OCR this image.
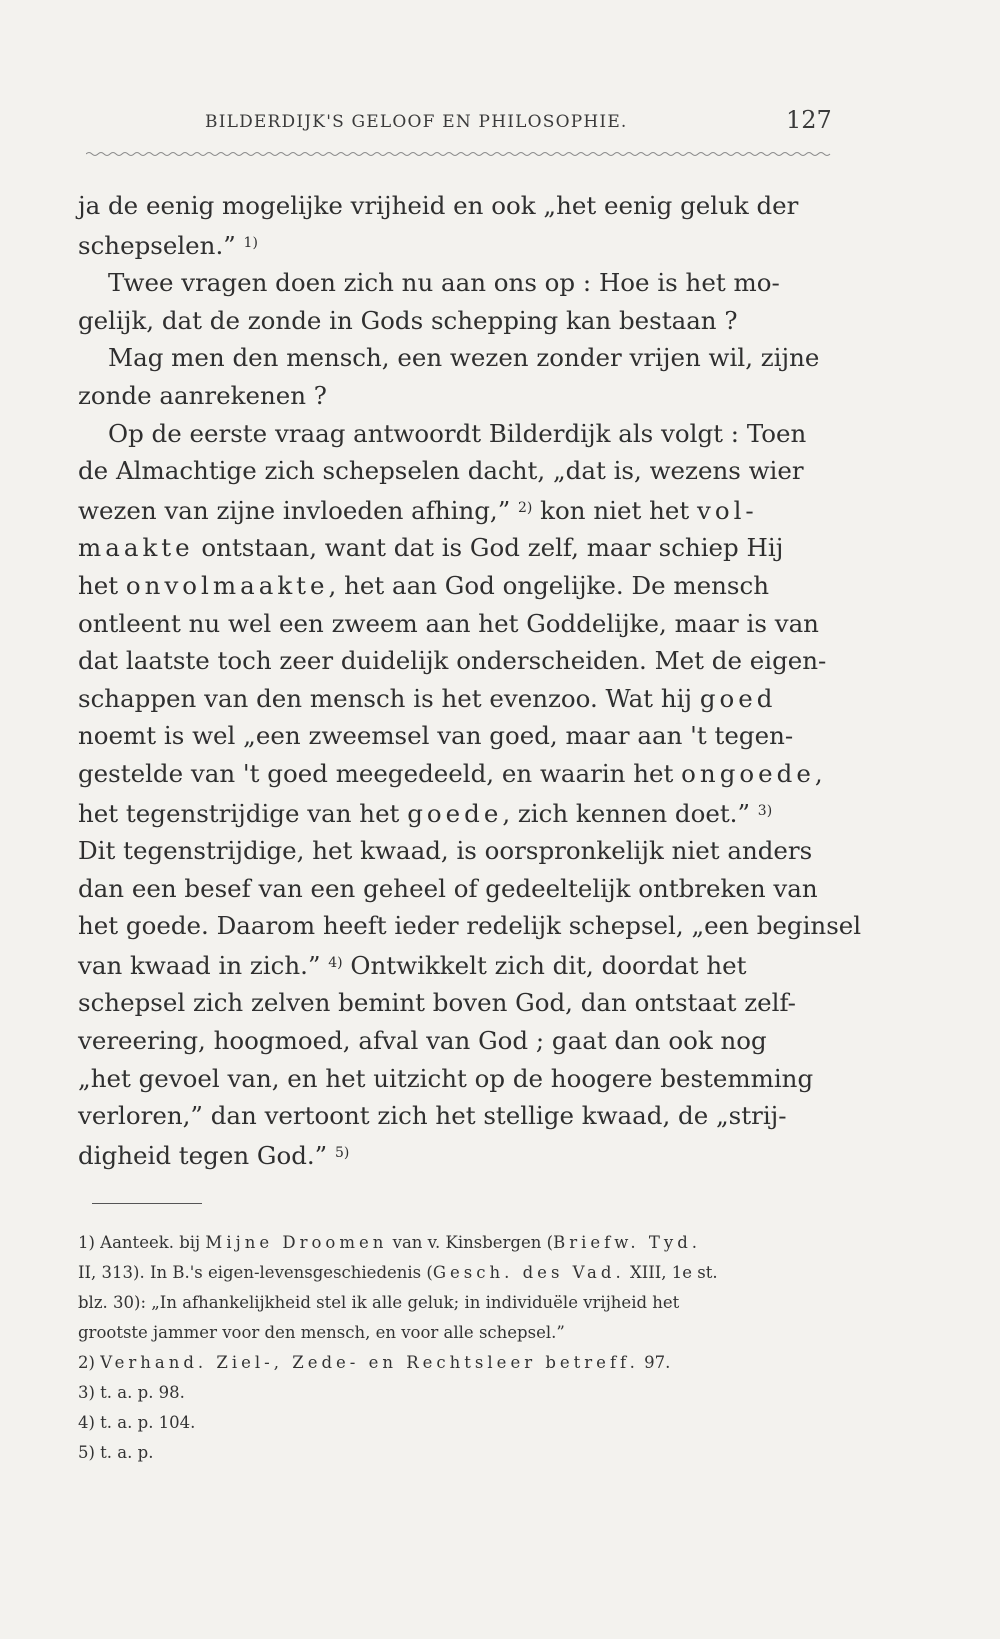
BILDERDIJK'S GELOOF EN PHILOSOPHIE.	127
ja de eenig mogelijke vrijheid en ook „het eenig geluk der
schepselen.” $^{1)}$
Twee vragen doen zich nu aan ons op : Hoe is het mo-
gelijk, dat de zonde in Gods schepping kan bestaan ?
Mag men den mensch, een wezen zonder vrijen wil, zijne
zonde aanrekenen ?
Op de eerste vraag antwoordt Bilderdijk als volgt : Toen
de Almachtige zich schepselen dacht, „dat is, wezens wier
wezen van zijne invloeden afhing,” $^{2)}$ kon niet het vol-
maakte ontstaan, want dat is God zelf, maar schiep Hij
het onvolmaakte, het aan God ongelijke. De mensch
ontleent nu wel een zweem aan het Goddelijke, maar is van
dat laatste toch zeer duidelijk onderscheiden. Met de eigen-
schappen van den mensch is het evenzoo. Wat hij goed
noemt is wel „een zweemsel van goed, maar aan 't tegen-
gestelde van 't goed meegedeeld, en waarin het ongoede,
het tegenstrijdige van het goede, zich kennen doet.” $^{3)}$
Dit tegenstrijdige, het kwaad, is oorspronkelijk niet anders
dan een besef van een geheel of gedeeltelijk ontbreken van
het goede. Daarom heeft ieder redelijk schepsel, „een beginsel
van kwaad in zich.” $^{4)}$ Ontwikkelt zich dit, doordat het
schepsel zich zelven bemint boven God, dan ontstaat zelf-
vereering, hoogmoed, afval van God ; gaat dan ook nog
„het gevoel van, en het uitzicht op de hoogere bestemming
verloren,” dan vertoont zich het stellige kwaad, de „strij-
digheid tegen God.” $^{5)}$
1) Aanteek. bij Mijne Droomen van v. Kinsbergen (Briefw. Tyd.
II, 313). In B.'s eigen-levensgeschiedenis (Gesch. des Vad. XIII, 1e st.
blz. 30): „In afhankelijkheid stel ik alle geluk; in individuële vrijheid het
grootste jammer voor den mensch, en voor alle schepsel.”
2) Verhand. Ziel-, Zede- en Rechtsleer betreff. 97.
3) t. a. p. 98.
4) t. a. p. 104.
5) t. a. p.
